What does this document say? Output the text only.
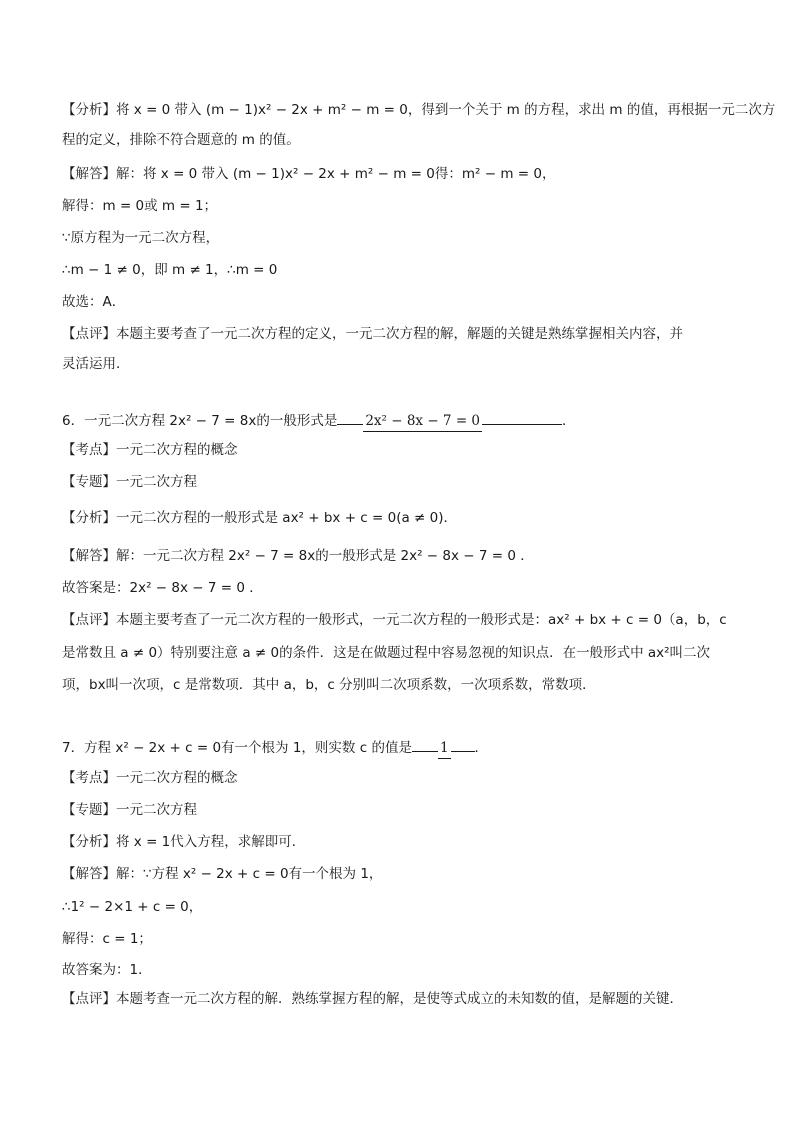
【分析】将 x = 0 带入 (m − 1)x² − 2x + m² − m = 0，得到一个关于 m 的方程，求出 m 的值，再根据一元二次方
程的定义，排除不符合题意的 m 的值。
【解答】解：将 x = 0 带入 (m − 1)x² − 2x + m² − m = 0得：m² − m = 0，
解得：m = 0或 m = 1；
∵原方程为一元二次方程，
∴m − 1 ≠ 0，即 m ≠ 1，∴m = 0
故选：A．
【点评】本题主要考查了一元二次方程的定义，一元二次方程的解，解题的关键是熟练掌握相关内容，并
灵活运用．
6．一元二次方程 2x² − 7 = 8x的一般形式是 2x² − 8x − 7 = 0	．
【考点】一元二次方程的概念
【专题】一元二次方程
【分析】一元二次方程的一般形式是 ax² + bx + c = 0(a ≠ 0)．
【解答】解：一元二次方程 2x² − 7 = 8x的一般形式是 2x² − 8x − 7 = 0 ．
故答案是：2x² − 8x − 7 = 0 ．
【点评】本题主要考查了一元二次方程的一般形式，一元二次方程的一般形式是：ax² + bx + c = 0（a，b，c
是常数且 a ≠ 0）特别要注意 a ≠ 0的条件．这是在做题过程中容易忽视的知识点．在一般形式中 ax²叫二次
项，bx叫一次项，c 是常数项．其中 a，b，c 分别叫二次项系数，一次项系数，常数项．
7．方程 x² − 2x + c = 0有一个根为 1，则实数 c 的值是 1 ．
【考点】一元二次方程的概念
【专题】一元二次方程
【分析】将 x = 1代入方程，求解即可．
【解答】解：∵方程 x² − 2x + c = 0有一个根为 1，
∴1² − 2×1 + c = 0，
解得：c = 1；
故答案为：1．
【点评】本题考查一元二次方程的解．熟练掌握方程的解，是使等式成立的未知数的值，是解题的关键．
